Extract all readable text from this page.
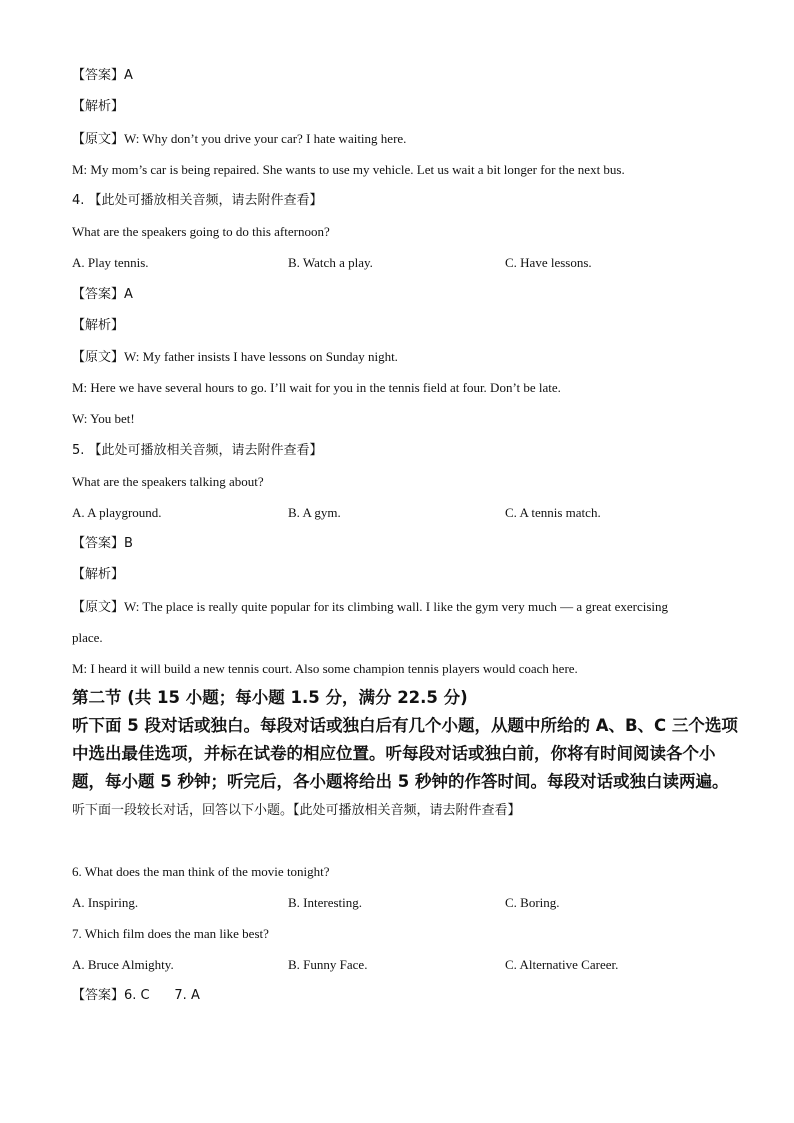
【答案】A
【解析】
【原文】W: Why don’t you drive your car? I hate waiting here.
M: My mom’s car is being repaired. She wants to use my vehicle. Let us wait a bit longer for the next bus.
4. 【此处可播放相关音频，请去附件查看】
What are the speakers going to do this afternoon?
A. Play tennis.	B. Watch a play.	C. Have lessons.
【答案】A
【解析】
【原文】W: My father insists I have lessons on Sunday night.
M: Here we have several hours to go. I’ll wait for you in the tennis field at four. Don’t be late.
W: You bet!
5. 【此处可播放相关音频，请去附件查看】
What are the speakers talking about?
A. A playground.	B. A gym.	C. A tennis match.
【答案】B
【解析】
【原文】W: The place is really quite popular for its climbing wall. I like the gym very much — a great exercising
place.
M: I heard it will build a new tennis court. Also some champion tennis players would coach here.
第二节 (共 15 小题；每小题 1.5 分，满分 22.5 分)
听下面 5 段对话或独白。每段对话或独白后有几个小题，从题中所给的 A、B、C 三个选项
中选出最佳选项，并标在试卷的相应位置。听每段对话或独白前，你将有时间阅读各个小
题，每小题 5 秒钟；听完后，各小题将给出 5 秒钟的作答时间。每段对话或独白读两遍。
听下面一段较长对话，回答以下小题。【此处可播放相关音频，请去附件查看】
6. What does the man think of the movie tonight?
A. Inspiring.	B. Interesting.	C. Boring.
7. Which film does the man like best?
A. Bruce Almighty.	B. Funny Face.	C. Alternative Career.
【答案】6. C      7. A
